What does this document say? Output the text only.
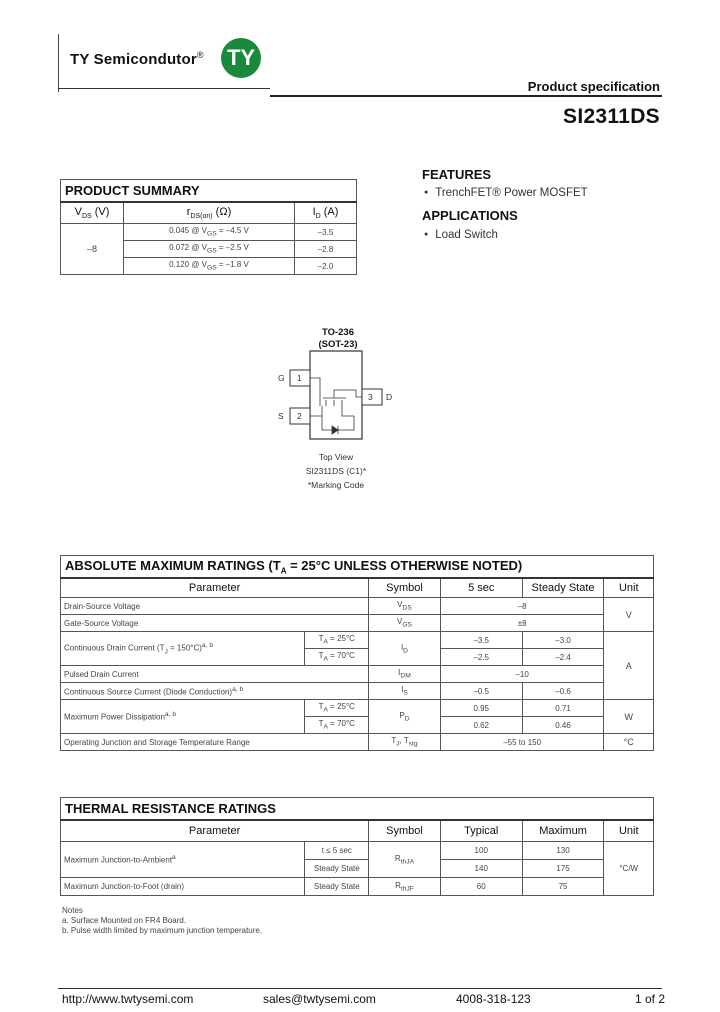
TY Semicondutor® TY
Product specification
SI2311DS
PRODUCT SUMMARY		
$V_{DS}$ (V)	$r_{DS(on)}$ (Ω)	$I_D$ (A)
–8	0.045 @ $V_{GS} = -4.5$ V	–3.5
	0.072 @ $V_{GS} = -2.5$ V	–2.8
	0.120 @ $V_{GS} = -1.8$ V	–2.0
FEATURES
● TrenchFET® Power MOSFET
APPLICATIONS
● Load Switch
TO-236
(SOT-23)
G
S
D
1
2
3
Top View
SI2311DS (C1)*
*Marking Code
ABSOLUTE MAXIMUM RATINGS ($T_A = 25^\circ C$ UNLESS OTHERWISE NOTED)					
Parameter		Symbol	5 sec	Steady State	Unit
Drain-Source Voltage		$V_{DS}$	–8		V
Gate-Source Voltage		$V_{GS}$	±8		
Continuous Drain Current $(T_J = 150^\circ C)^{a, b}$	$T_A = 25^\circ C$	$I_D$	–3.5	–3.0	A
	$T_A = 70^\circ C$		–2.5	–2.4	
Pulsed Drain Current		$I_{DM}$	–10		
Continuous Source Current (Diode Conduction)$^{a, b}$		$I_S$	–0.5	–0.6	
Maximum Power Dissipation$^{a, b}$	$T_A = 25^\circ C$	$P_D$	0.95	0.71	W
	$T_A = 70^\circ C$		0.62	0.46	
Operating Junction and Storage Temperature Range		$T_J$, $T_{stg}$	–55 to 150		°C
THERMAL RESISTANCE RATINGS					
Parameter		Symbol	Typical	Maximum	Unit
Maximum Junction-to-Ambient$^a$	t ≤ 5 sec	$R_{thJA}$	100	130	°C/W
	Steady State		140	175	
Maximum Junction-to-Foot (drain)	Steady State	$R_{thJF}$	60	75	
Notes
a. Surface Mounted on FR4 Board.
b. Pulse width limited by maximum junction temperature.
http://www.twtysemi.com	sales@twtysemi.com	4008-318-123	1 of 2
